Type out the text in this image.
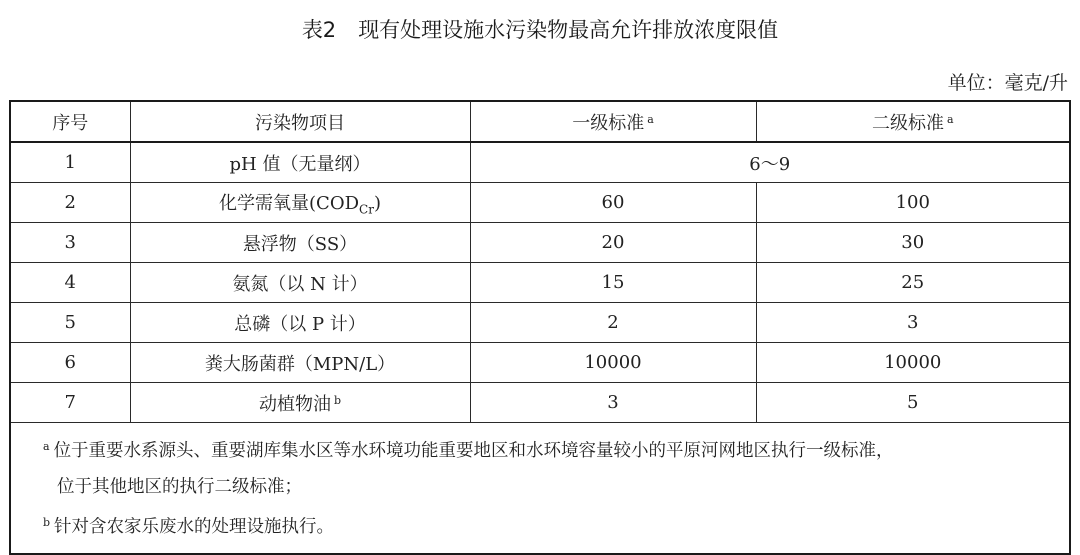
表2 现有处理设施水污染物最高允许排放浓度限值
单位：毫克/升
序号	污染物项目	一级标准 $^a$	二级标准 $^a$
1	pH 值（无量纲）	6～9	
2	化学需氧量$(COD_{Cr})$	60	100
3	悬浮物（SS）	20	30
4	氨氮（以 N 计）	15	25
5	总磷（以 P 计）	2	3
6	粪大肠菌群（MPN/L）	10000	10000
7	动植物油 $^b$	3	5

$^a$ 位于重要水系源头、重要湖库集水区等水环境功能重要地区和水环境容量较小的平原河网地区执行一级标准，
位于其他地区的执行二级标准；
$^b$ 针对含农家乐废水的处理设施执行。			
